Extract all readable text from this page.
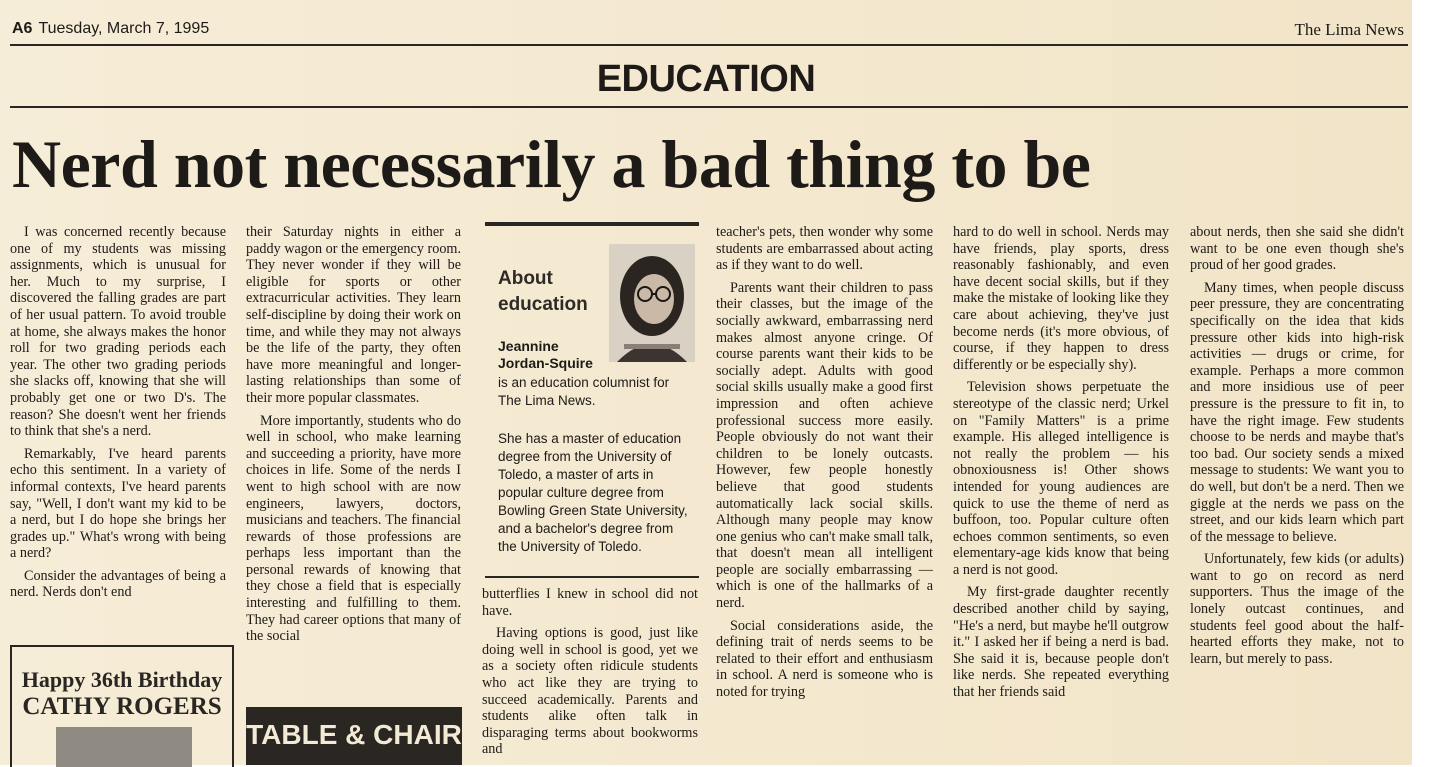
A6 Tuesday, March 7, 1995	The Lima News
EDUCATION
Nerd not necessarily a bad thing to be

I was concerned recently because one of my students was missing assignments, which is unusual for her. Much to my surprise, I discovered the falling grades are part of her usual pattern. To avoid trouble at home, she always makes the honor roll for two grading periods each year. The other two grading periods she slacks off, knowing that she will probably get one or two D's. The reason? She doesn't went her friends to think that she's a nerd.

Remarkably, I've heard parents echo this sentiment. In a variety of informal contexts, I've heard parents say, "Well, I don't want my kid to be a nerd, but I do hope she brings her grades up." What's wrong with being a nerd?

Consider the advantages of being a nerd. Nerds don't end

their Saturday nights in either a paddy wagon or the emergency room. They never wonder if they will be eligible for sports or other extracurricular activities. They learn self-discipline by doing their work on time, and while they may not always be the life of the party, they often have more meaningful and longer-lasting relationships than some of their more popular classmates.

More importantly, students who do well in school, who make learning and succeeding a priority, have more choices in life. Some of the nerds I went to high school with are now engineers, lawyers, doctors, musicians and teachers. The financial rewards of those professions are perhaps less important than the personal rewards of knowing that they chose a field that is especially interesting and fulfilling to them. They had career options that many of the social

About
education
Jeannine
Jordan-Squire
is an education columnist for The Lima News.
She has a master of education degree from the University of Toledo, a master of arts in popular culture degree from Bowling Green State University, and a bachelor's degree from the University of Toledo.

butterflies I knew in school did not have.

Having options is good, just like doing well in school is good, yet we as a society often ridicule students who act like they are trying to succeed academically. Parents and students alike often talk in disparaging terms about bookworms and

teacher's pets, then wonder why some students are embarrassed about acting as if they want to do well.

Parents want their children to pass their classes, but the image of the socially awkward, embarrassing nerd makes almost anyone cringe. Of course parents want their kids to be socially adept. Adults with good social skills usually make a good first impression and often achieve professional success more easily. People obviously do not want their children to be lonely outcasts. However, few people honestly believe that good students automatically lack social skills. Although many people may know one genius who can't make small talk, that doesn't mean all intelligent people are socially embarrassing — which is one of the hallmarks of a nerd.

Social considerations aside, the defining trait of nerds seems to be related to their effort and enthusiasm in school. A nerd is someone who is noted for trying

hard to do well in school. Nerds may have friends, play sports, dress reasonably fashionably, and even have decent social skills, but if they make the mistake of looking like they care about achieving, they've just become nerds (it's more obvious, of course, if they happen to dress differently or be especially shy).

Television shows perpetuate the stereotype of the classic nerd; Urkel on "Family Matters" is a prime example. His alleged intelligence is not really the problem — his obnoxiousness is! Other shows intended for young audiences are quick to use the theme of nerd as buffoon, too. Popular culture often echoes common sentiments, so even elementary-age kids know that being a nerd is not good.

My first-grade daughter recently described another child by saying, "He's a nerd, but maybe he'll outgrow it." I asked her if being a nerd is bad. She said it is, because people don't like nerds. She repeated everything that her friends said

about nerds, then she said she didn't want to be one even though she's proud of her good grades.

Many times, when people discuss peer pressure, they are concentrating specifically on the idea that kids pressure other kids into high-risk activities — drugs or crime, for example. Perhaps a more common and more insidious use of peer pressure is the pressure to fit in, to have the right image. Few students choose to be nerds and maybe that's too bad. Our society sends a mixed message to students: We want you to do well, but don't be a nerd. Then we giggle at the nerds we pass on the street, and our kids learn which part of the message to believe.

Unfortunately, few kids (or adults) want to go on record as nerd supporters. Thus the image of the lonely outcast continues, and students feel good about the half-hearted efforts they make, not to learn, but merely to pass.

Happy 36th Birthday
CATHY ROGERS
TABLE & CHAIR
